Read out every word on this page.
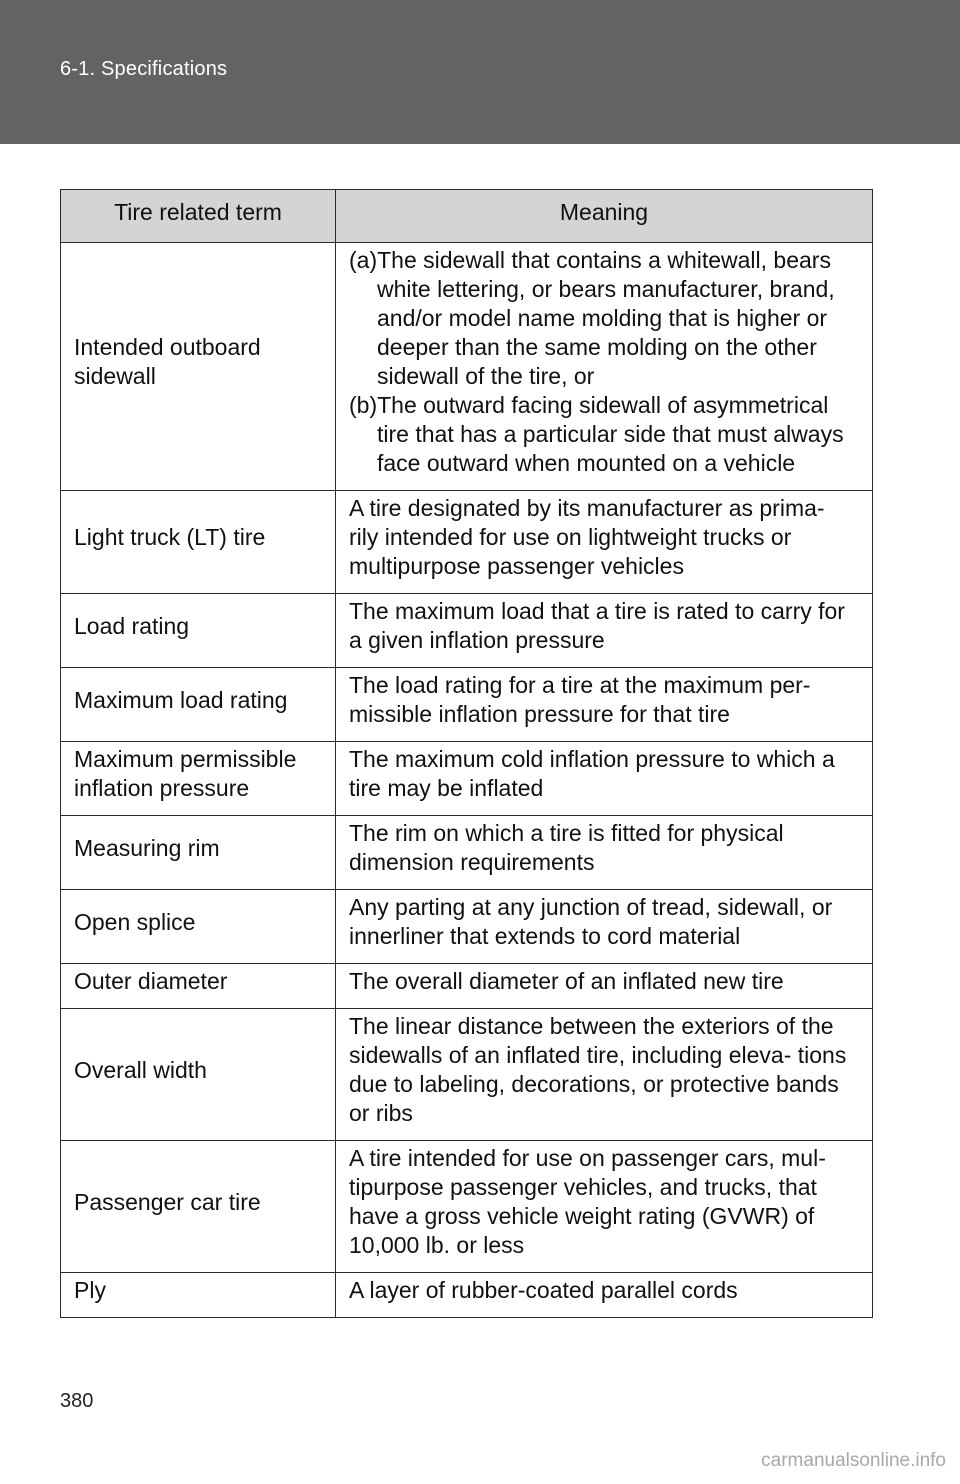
6-1. Specifications
Tire related term	Meaning
Intended outboard sidewall	(a)The sidewall that contains a whitewall, bears white lettering, or bears manufacturer, brand, and/or model name molding that is higher or deeper than the same molding on the other sidewall of the tire, or
(b)The outward facing sidewall of asymmetrical tire that has a particular side that must always face outward when mounted on a vehicle

Light truck (LT) tire	A tire designated by its manufacturer as prima- rily intended for use on lightweight trucks or multipurpose passenger vehicles
Load rating	The maximum load that a tire is rated to carry for a given inflation pressure
Maximum load rating	The load rating for a tire at the maximum per- missible inflation pressure for that tire
Maximum permissible inflation pressure	The maximum cold inflation pressure to which a tire may be inflated
Measuring rim	The rim on which a tire is fitted for physical dimension requirements
Open splice	Any parting at any junction of tread, sidewall, or innerliner that extends to cord material
Outer diameter	The overall diameter of an inflated new tire
Overall width	The linear distance between the exteriors of the sidewalls of an inflated tire, including eleva- tions due to labeling, decorations, or protective bands or ribs
Passenger car tire	A tire intended for use on passenger cars, mul- tipurpose passenger vehicles, and trucks, that have a gross vehicle weight rating (GVWR) of 10,000 lb. or less
Ply	A layer of rubber-coated parallel cords
380
carmanualsonline.info
